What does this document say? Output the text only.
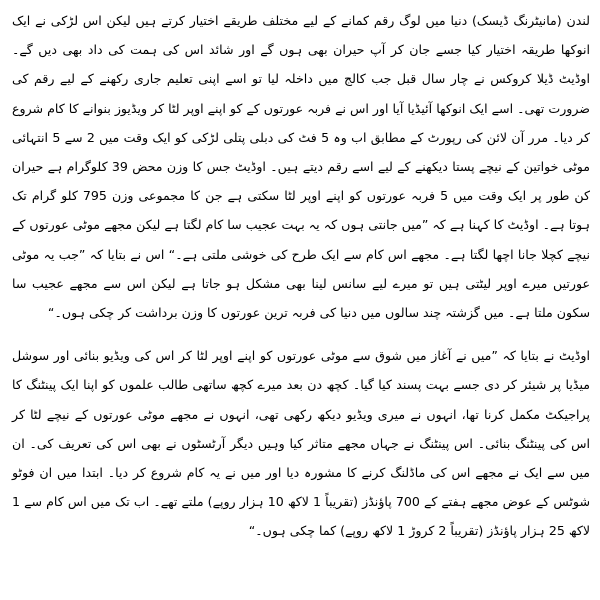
لندن (مانیٹرنگ ڈیسک) دنیا میں لوگ رقم کمانے کے لیے مختلف طریقے اختیار کرتے ہیں لیکن اس لڑکی نے ایک انوکھا طریقہ اختیار کیا جسے جان کر آپ حیران بھی ہوں گے اور شائد اس کی ہمت کی داد بھی دیں گے۔ اوڈیٹ ڈیلا کروکس نے چار سال قبل جب کالج میں داخلہ لیا تو اسے اپنی تعلیم جاری رکھنے کے لیے رقم کی ضرورت تھی۔ اسے ایک انوکھا آئیڈیا آیا اور اس نے فربہ عورتوں کے کو اپنے اوپر لٹا کر ویڈیوز بنوانے کا کام شروع کر دیا۔ مرر آن لائن کی رپورٹ کے مطابق اب وہ 5 فٹ کی دبلی پتلی لڑکی کو ایک وقت میں 2 سے 5 انتہائی موٹی خواتین کے نیچے پستا دیکھنے کے لیے اسے رقم دیتے ہیں۔ اوڈیٹ جس کا وزن محض 39 کلوگرام ہے حیران کن طور پر ایک وقت میں 5 فربہ عورتوں کو اپنے اوپر لٹا سکتی ہے جن کا مجموعی وزن 795 کلو گرام تک ہوتا ہے۔ اوڈیٹ کا کہنا ہے کہ ”میں جانتی ہوں کہ یہ بہت عجیب سا کام لگتا ہے لیکن مجھے موٹی عورتوں کے نیچے کچلا جانا اچھا لگتا ہے۔ مجھے اس کام سے ایک طرح کی خوشی ملتی ہے۔“ اس نے بتایا کہ ”جب یہ موٹی عورتیں میرے اوپر لیٹتی ہیں تو میرے لیے سانس لینا بھی مشکل ہو جاتا ہے لیکن اس سے مجھے عجیب سا سکون ملتا ہے۔ میں گزشتہ چند سالوں میں دنیا کی فربہ ترین عورتوں کا وزن برداشت کر چکی ہوں۔“

اوڈیٹ نے بتایا کہ ”میں نے آغاز میں شوق سے موٹی عورتوں کو اپنے اوپر لٹا کر اس کی ویڈیو بنائی اور سوشل میڈیا پر شیئر کر دی جسے بہت پسند کیا گیا۔ کچھ دن بعد میرے کچھ ساتھی طالب علموں کو اپنا ایک پینٹنگ کا پراجیکٹ مکمل کرنا تھا، انہوں نے میری ویڈیو دیکھ رکھی تھی، انہوں نے مجھے موٹی عورتوں کے نیچے لٹا کر اس کی پینٹنگ بنائی۔ اس پینٹنگ نے جہاں مجھے متاثر کیا وہیں دیگر آرٹسٹوں نے بھی اس کی تعریف کی۔ ان میں سے ایک نے مجھے اس کی ماڈلنگ کرنے کا مشورہ دیا اور میں نے یہ کام شروع کر دیا۔ ابتدا میں ان فوٹو شوٹس کے عوض مجھے ہفتے کے 700 پاﺅنڈز (تقریباً 1 لاکھ 10 ہزار روپے) ملتے تھے۔ اب تک میں اس کام سے 1 لاکھ 25 ہزار پاﺅنڈز (تقریباً 2 کروڑ 1 لاکھ روپے) کما چکی ہوں۔“
